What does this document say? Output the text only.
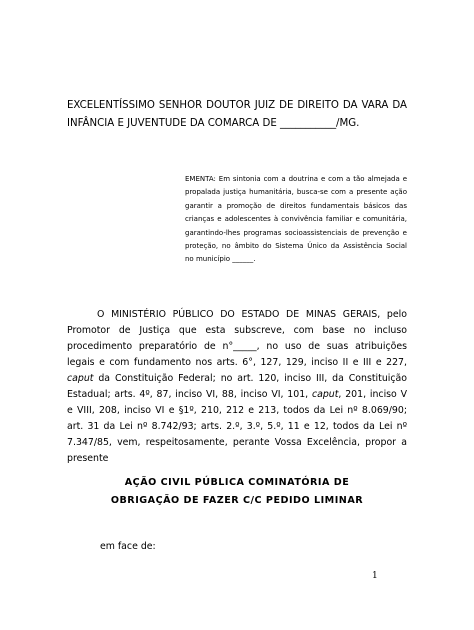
EXCELENTÍSSIMO SENHOR DOUTOR JUIZ DE DIREITO DA VARA DA
INFÂNCIA E JUVENTUDE DA COMARCA DE ___________/MG.
EMENTA: Em sintonia com a doutrina e com a tão almejada e
propalada justiça humanitária, busca-se com a presente ação
garantir a promoção de direitos fundamentais básicos das
crianças e adolescentes à convivência familiar e comunitária,
garantindo-lhes programas socioassistenciais de prevenção e
proteção, no âmbito do Sistema Único da Assistência Social
no município ______.
O MINISTÉRIO PÚBLICO DO ESTADO DE MINAS GERAIS, pelo
Promotor de Justiça que esta subscreve, com base no incluso
procedimento preparatório de n°_____, no uso de suas atribuições
legais e com fundamento nos arts. 6°, 127, 129, inciso II e III e 227,
caput da Constituição Federal; no art. 120, inciso III, da Constituição
Estadual; arts. 4º, 87, inciso VI, 88, inciso VI, 101, caput, 201, inciso V
e VIII, 208, inciso VI e §1º, 210, 212 e 213, todos da Lei nº 8.069/90;
art. 31 da Lei nº 8.742/93; arts. 2.º, 3.º, 5.º, 11 e 12, todos da Lei nº
7.347/85, vem, respeitosamente, perante Vossa Excelência, propor a
presente
AÇÃO CIVIL PÚBLICA COMINATÓRIA DE
OBRIGAÇÃO DE FAZER C/C PEDIDO LIMINAR
em face de:
1
